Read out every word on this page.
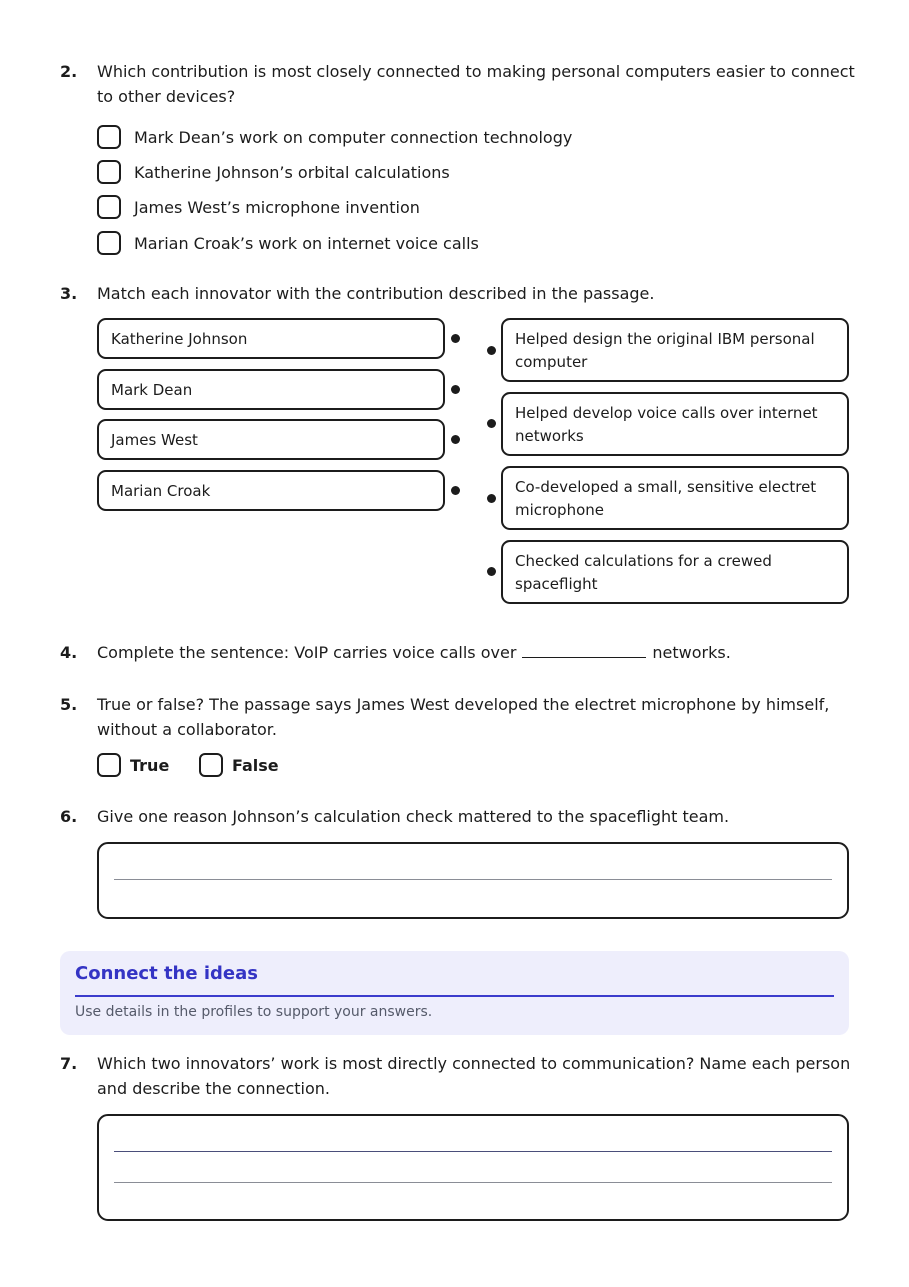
2. Which contribution is most closely connected to making personal computers easier to connect to other devices?
Mark Dean’s work on computer connection technology
Katherine Johnson’s orbital calculations
James West’s microphone invention
Marian Croak’s work on internet voice calls
3. Match each innovator with the contribution described in the passage.
Katherine Johnson
Mark Dean
James West
Marian Croak
Helped design the original IBM personal computer
Helped develop voice calls over internet networks
Co-developed a small, sensitive electret microphone
Checked calculations for a crewed spaceflight
4. Complete the sentence: VoIP carries voice calls over	networks.
5. True or false? The passage says James West developed the electret microphone by himself, without a collaborator.
True	False
6. Give one reason Johnson’s calculation check mattered to the spaceflight team.
Connect the ideas
Use details in the profiles to support your answers.
7. Which two innovators’ work is most directly connected to communication? Name each person and describe the connection.
